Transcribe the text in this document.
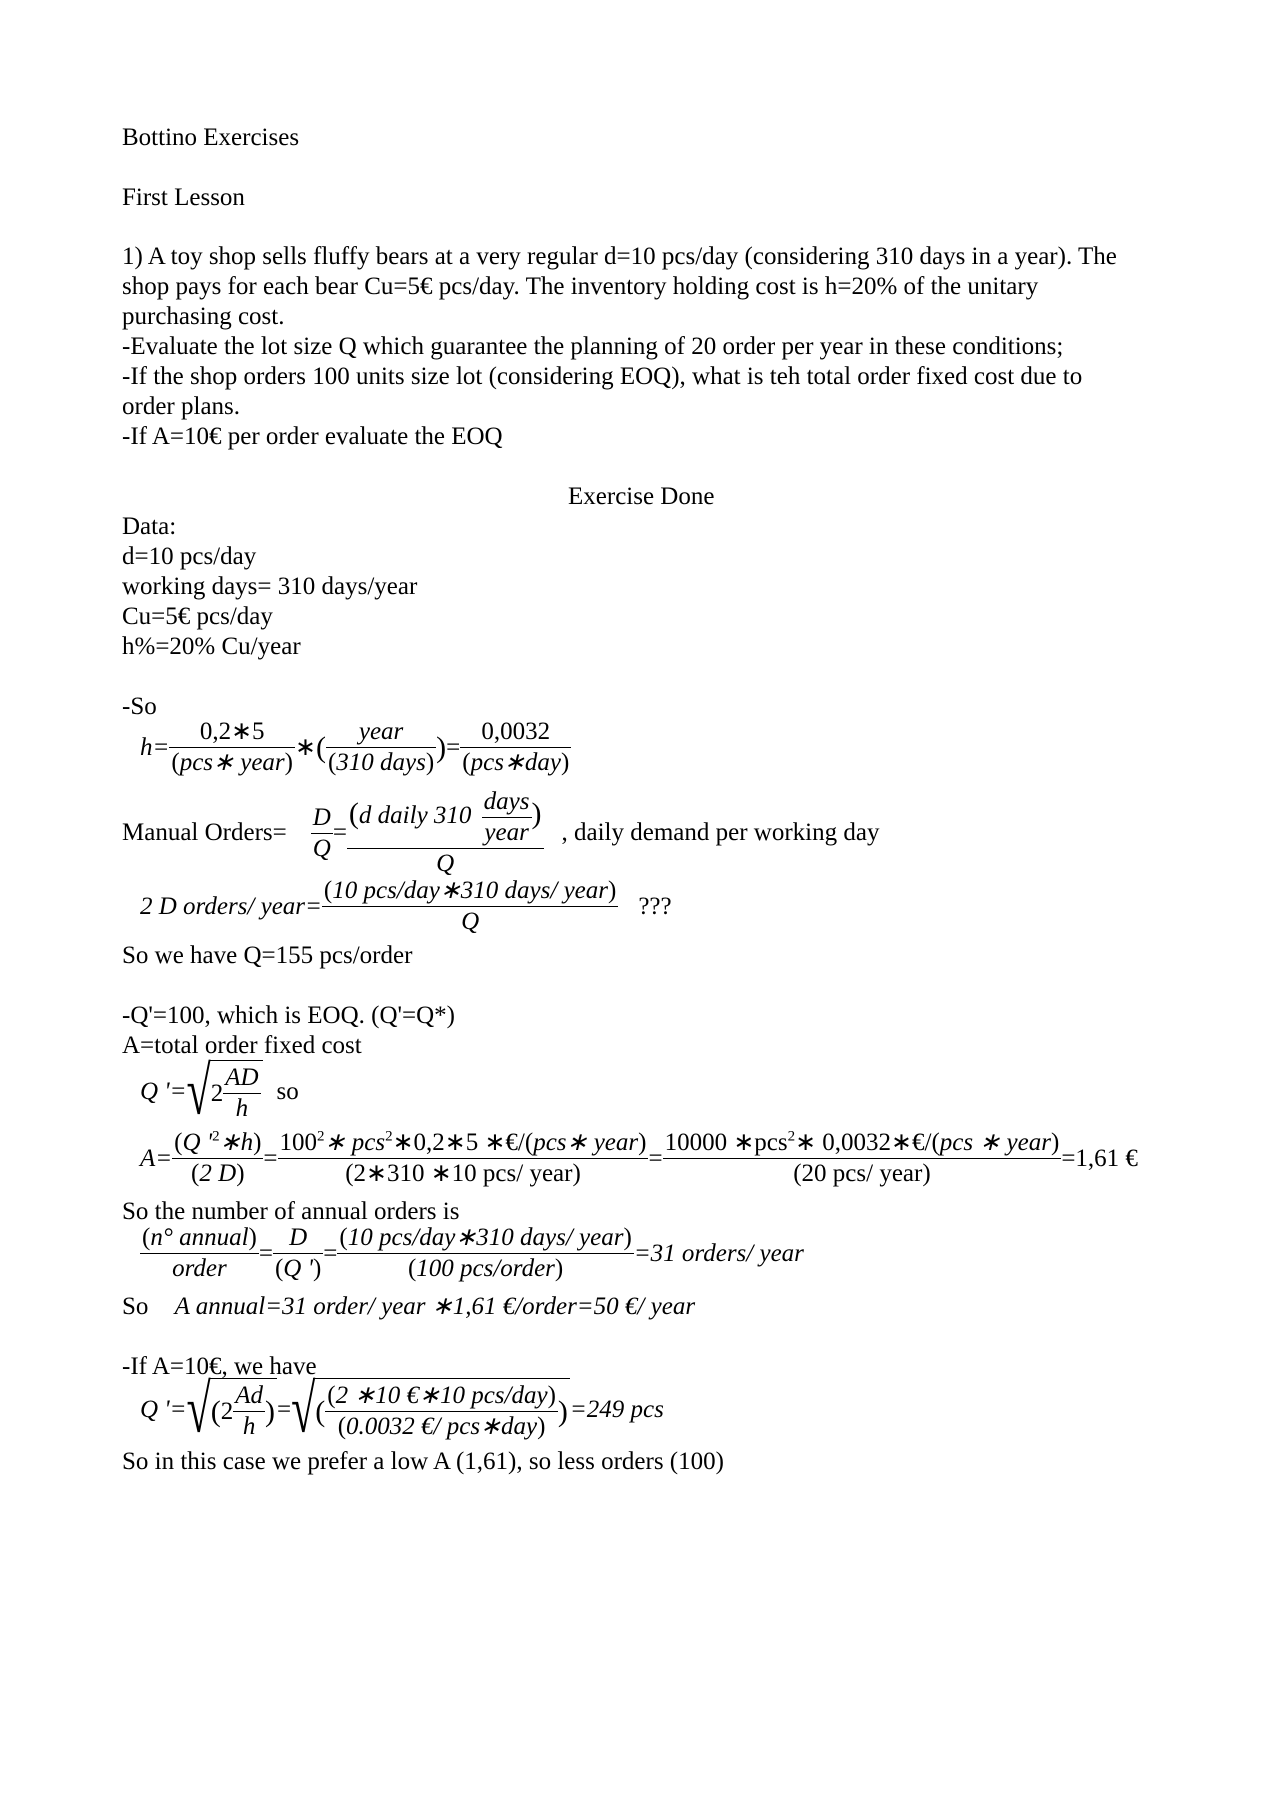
Bottino Exercises
First Lesson
1) A toy shop sells fluffy bears at a very regular d=10 pcs/day (considering 310 days in a year). The
shop pays for each bear Cu=5€ pcs/day. The inventory holding cost is h=20% of the unitary
purchasing cost.
-Evaluate the lot size Q which guarantee the planning of 20 order per year in these conditions;
-If the shop orders 100 units size lot (considering EOQ), what is teh total order fixed cost due to
order plans.
-If A=10€ per order evaluate the EOQ
Exercise Done
Data:
d=10 pcs/day
working days= 310 days/year
Cu=5€ pcs/day
h%=20% Cu/year
-So
$h= \frac{0,2∗5}{\text{(pcs∗ year)}}$ ∗ ( $\frac{\text{year}}{\text{(310 days)}}$ ) = $\frac{0,0032}{\text{(pcs∗day)}}$
Manual Orders= $\frac{D}{Q}$ =
(d daily $310 \frac{\text{days}}{\text{year}}$ )
Q
, daily demand per working day
2 D orders/ year= $\frac{\text{(10 pcs/day∗310 days/ year)}}{Q}$ ???
So we have Q=155 pcs/order
-Q'=100, which is EOQ. (Q'=Q*)
A=total order fixed cost
Q '= √ $2 \frac{AD}{h}$ so
$A= \frac{(Q '^2∗h)}{(2 D)} = \frac{100^2∗ pcs^2∗0,2∗5 ∗€/(pcs∗ year)}{\text{(2∗310 ∗10 pcs/ year)}} = \frac{10000 ∗pcs^2∗ 0,0032∗€/(pcs ∗ year)}{\text{(20 pcs/ year)}} =1,61$ €
So the number of annual orders is
$\frac{\text{(n° annual)}}{\text{order}} = \frac{D}{(Q ')} = \frac{\text{(10 pcs/day∗310 days/ year)}}{\text{(100 pcs/order)}} =31$ orders/ year
So A annual=31 order/ year ∗1,61 €/order=50 €/ year
-If A=10€, we have
Q '= √ ( $2 \frac{Ad}{h}$ ) = √ ( $\frac{\text{(2 ∗10 €∗10 pcs/day)}}{\text{(0.0032 €/ pcs∗day)}}$ ) =249 pcs
So in this case we prefer a low A (1,61), so less orders (100)
